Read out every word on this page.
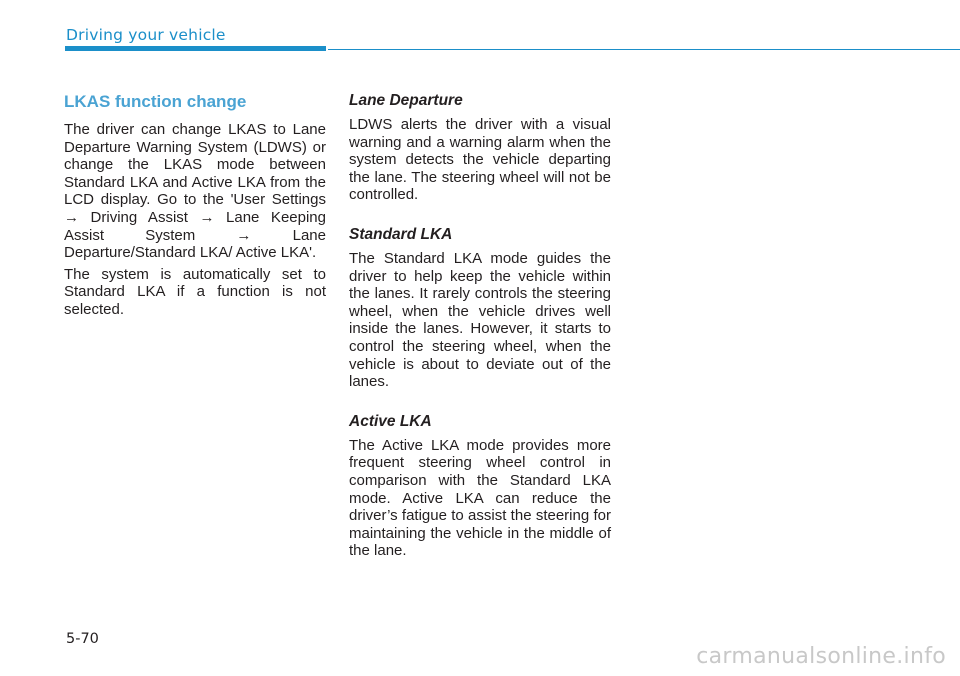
Driving your vehicle
LKAS function change

The driver can change LKAS to Lane Departure Warning System (LDWS) or change the LKAS mode between Standard LKA and Active LKA from the LCD display. Go to the 'User Settings → Driving Assist → Lane Keeping Assist System → Lane Departure/Standard LKA/ Active LKA'.

The system is automatically set to Standard LKA if a function is not selected.

Lane Departure

LDWS alerts the driver with a visual warning and a warning alarm when the system detects the vehicle departing the lane. The steering wheel will not be controlled.

Standard LKA

The Standard LKA mode guides the driver to help keep the vehicle within the lanes. It rarely controls the steering wheel, when the vehicle drives well inside the lanes. However, it starts to control the steering wheel, when the vehicle is about to deviate out of the lanes.

Active LKA

The Active LKA mode provides more frequent steering wheel control in comparison with the Standard LKA mode. Active LKA can reduce the driver’s fatigue to assist the steering for maintaining the vehicle in the middle of the lane.

5-70
carmanualsonline.info
